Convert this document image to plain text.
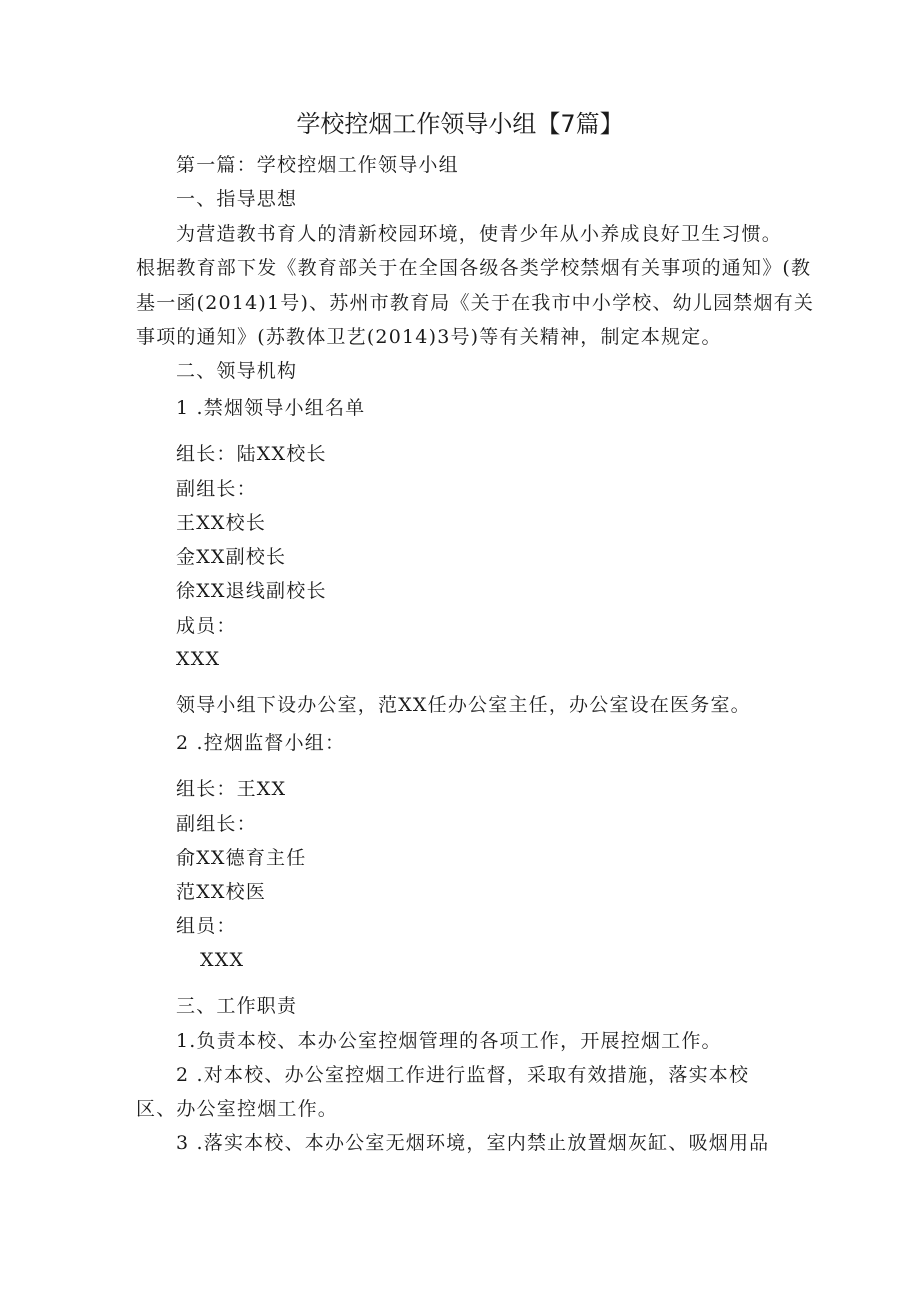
学校控烟工作领导小组【7篇】
第一篇：学校控烟工作领导小组
一、指导思想
为营造教书育人的清新校园环境，使青少年从小养成良好卫生习惯。
根据教育部下发《教育部关于在全国各级各类学校禁烟有关事项的通知》(教
基一函(2014)1号)、苏州市教育局《关于在我市中小学校、幼儿园禁烟有关
事项的通知》(苏教体卫艺(2014)3号)等有关精神，制定本规定。
二、领导机构
1 .禁烟领导小组名单
组长：陆XX校长
副组长：
王XX校长
金XX副校长
徐XX退线副校长
成员：
XXX
领导小组下设办公室，范XX任办公室主任，办公室设在医务室。
2 .控烟监督小组：
组长：王XX
副组长：
俞XX德育主任
范XX校医
组员：
XXX
三、工作职责
1.负责本校、本办公室控烟管理的各项工作，开展控烟工作。
2 .对本校、办公室控烟工作进行监督，采取有效措施，落实本校
区、办公室控烟工作。
3 .落实本校、本办公室无烟环境，室内禁止放置烟灰缸、吸烟用品
